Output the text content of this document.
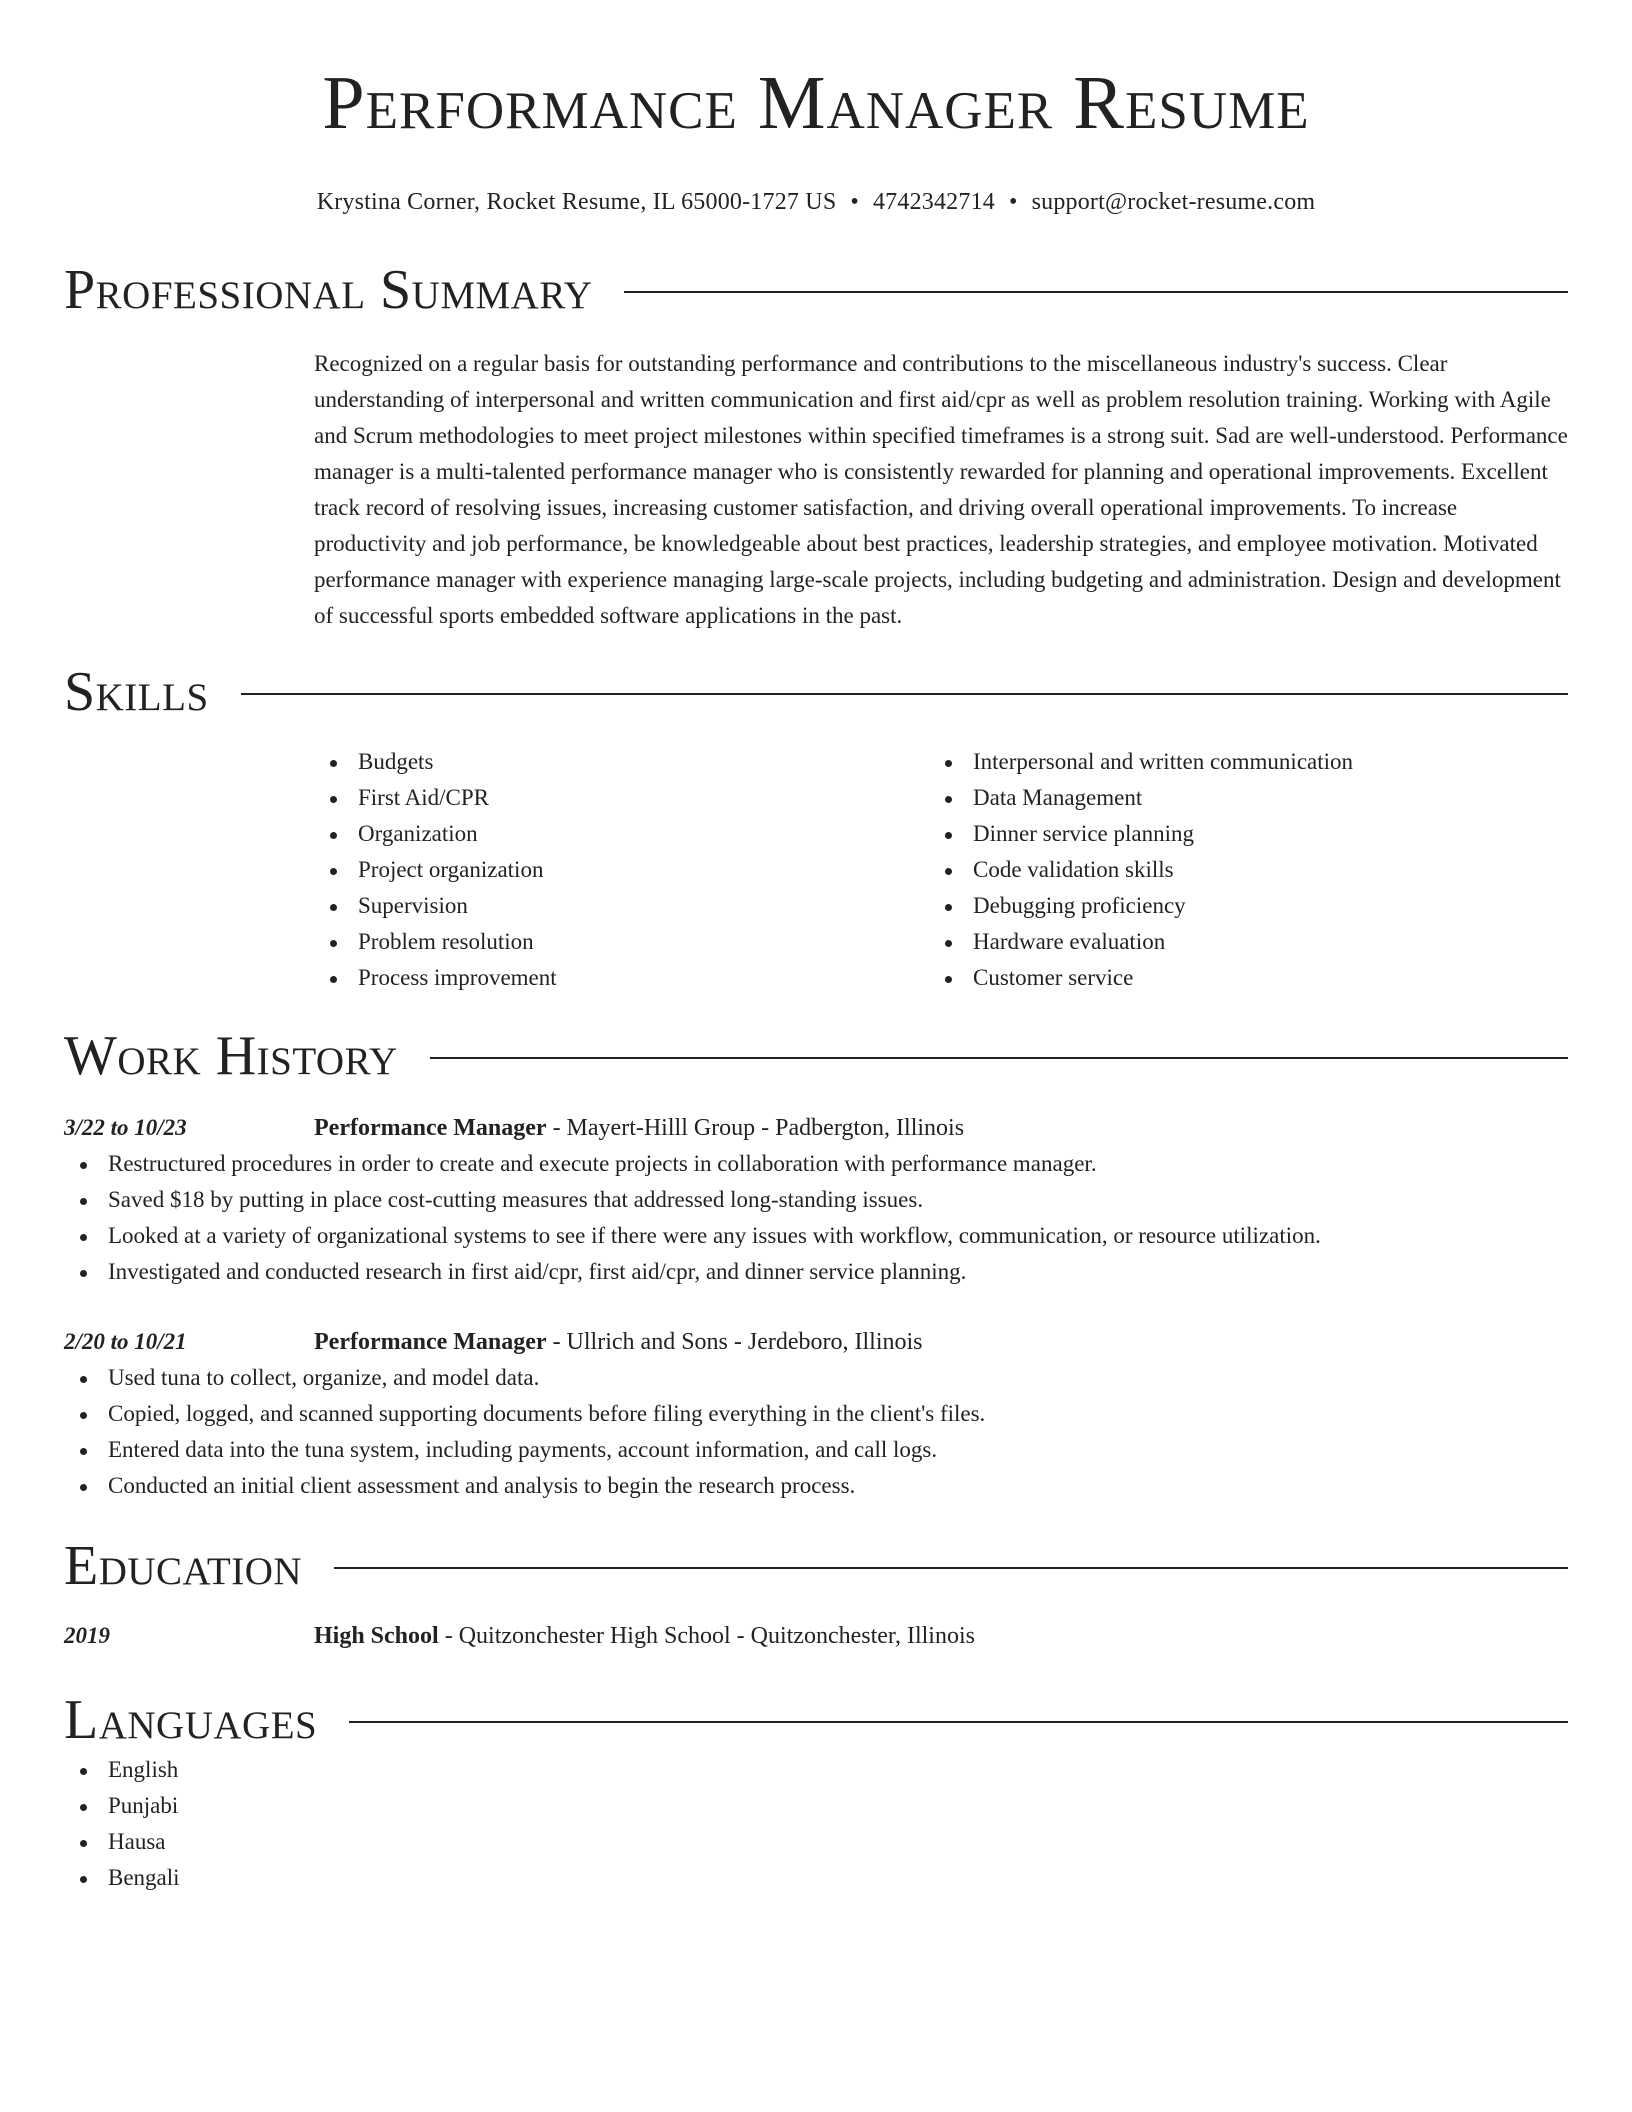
Performance Manager Resume
Krystina Corner, Rocket Resume, IL 65000-1727 US • 4742342714 • support@rocket-resume.com
Professional Summary
Recognized on a regular basis for outstanding performance and contributions to the miscellaneous industry's success. Clear understanding of interpersonal and written communication and first aid/cpr as well as problem resolution training. Working with Agile and Scrum methodologies to meet project milestones within specified timeframes is a strong suit. Sad are well-understood. Performance manager is a multi-talented performance manager who is consistently rewarded for planning and operational improvements. Excellent track record of resolving issues, increasing customer satisfaction, and driving overall operational improvements. To increase productivity and job performance, be knowledgeable about best practices, leadership strategies, and employee motivation. Motivated performance manager with experience managing large-scale projects, including budgeting and administration. Design and development of successful sports embedded software applications in the past.
Skills
Budgets
First Aid/CPR
Organization
Project organization
Supervision
Problem resolution
Process improvement
Interpersonal and written communication
Data Management
Dinner service planning
Code validation skills
Debugging proficiency
Hardware evaluation
Customer service
Work History
3/22 to 10/23	Performance Manager - Mayert-Hilll Group - Padbergton, Illinois
Restructured procedures in order to create and execute projects in collaboration with performance manager.
Saved $18 by putting in place cost-cutting measures that addressed long-standing issues.
Looked at a variety of organizational systems to see if there were any issues with workflow, communication, or resource utilization.
Investigated and conducted research in first aid/cpr, first aid/cpr, and dinner service planning.
2/20 to 10/21	Performance Manager - Ullrich and Sons - Jerdeboro, Illinois
Used tuna to collect, organize, and model data.
Copied, logged, and scanned supporting documents before filing everything in the client's files.
Entered data into the tuna system, including payments, account information, and call logs.
Conducted an initial client assessment and analysis to begin the research process.
Education
2019	High School - Quitzonchester High School - Quitzonchester, Illinois
Languages
English
Punjabi
Hausa
Bengali
